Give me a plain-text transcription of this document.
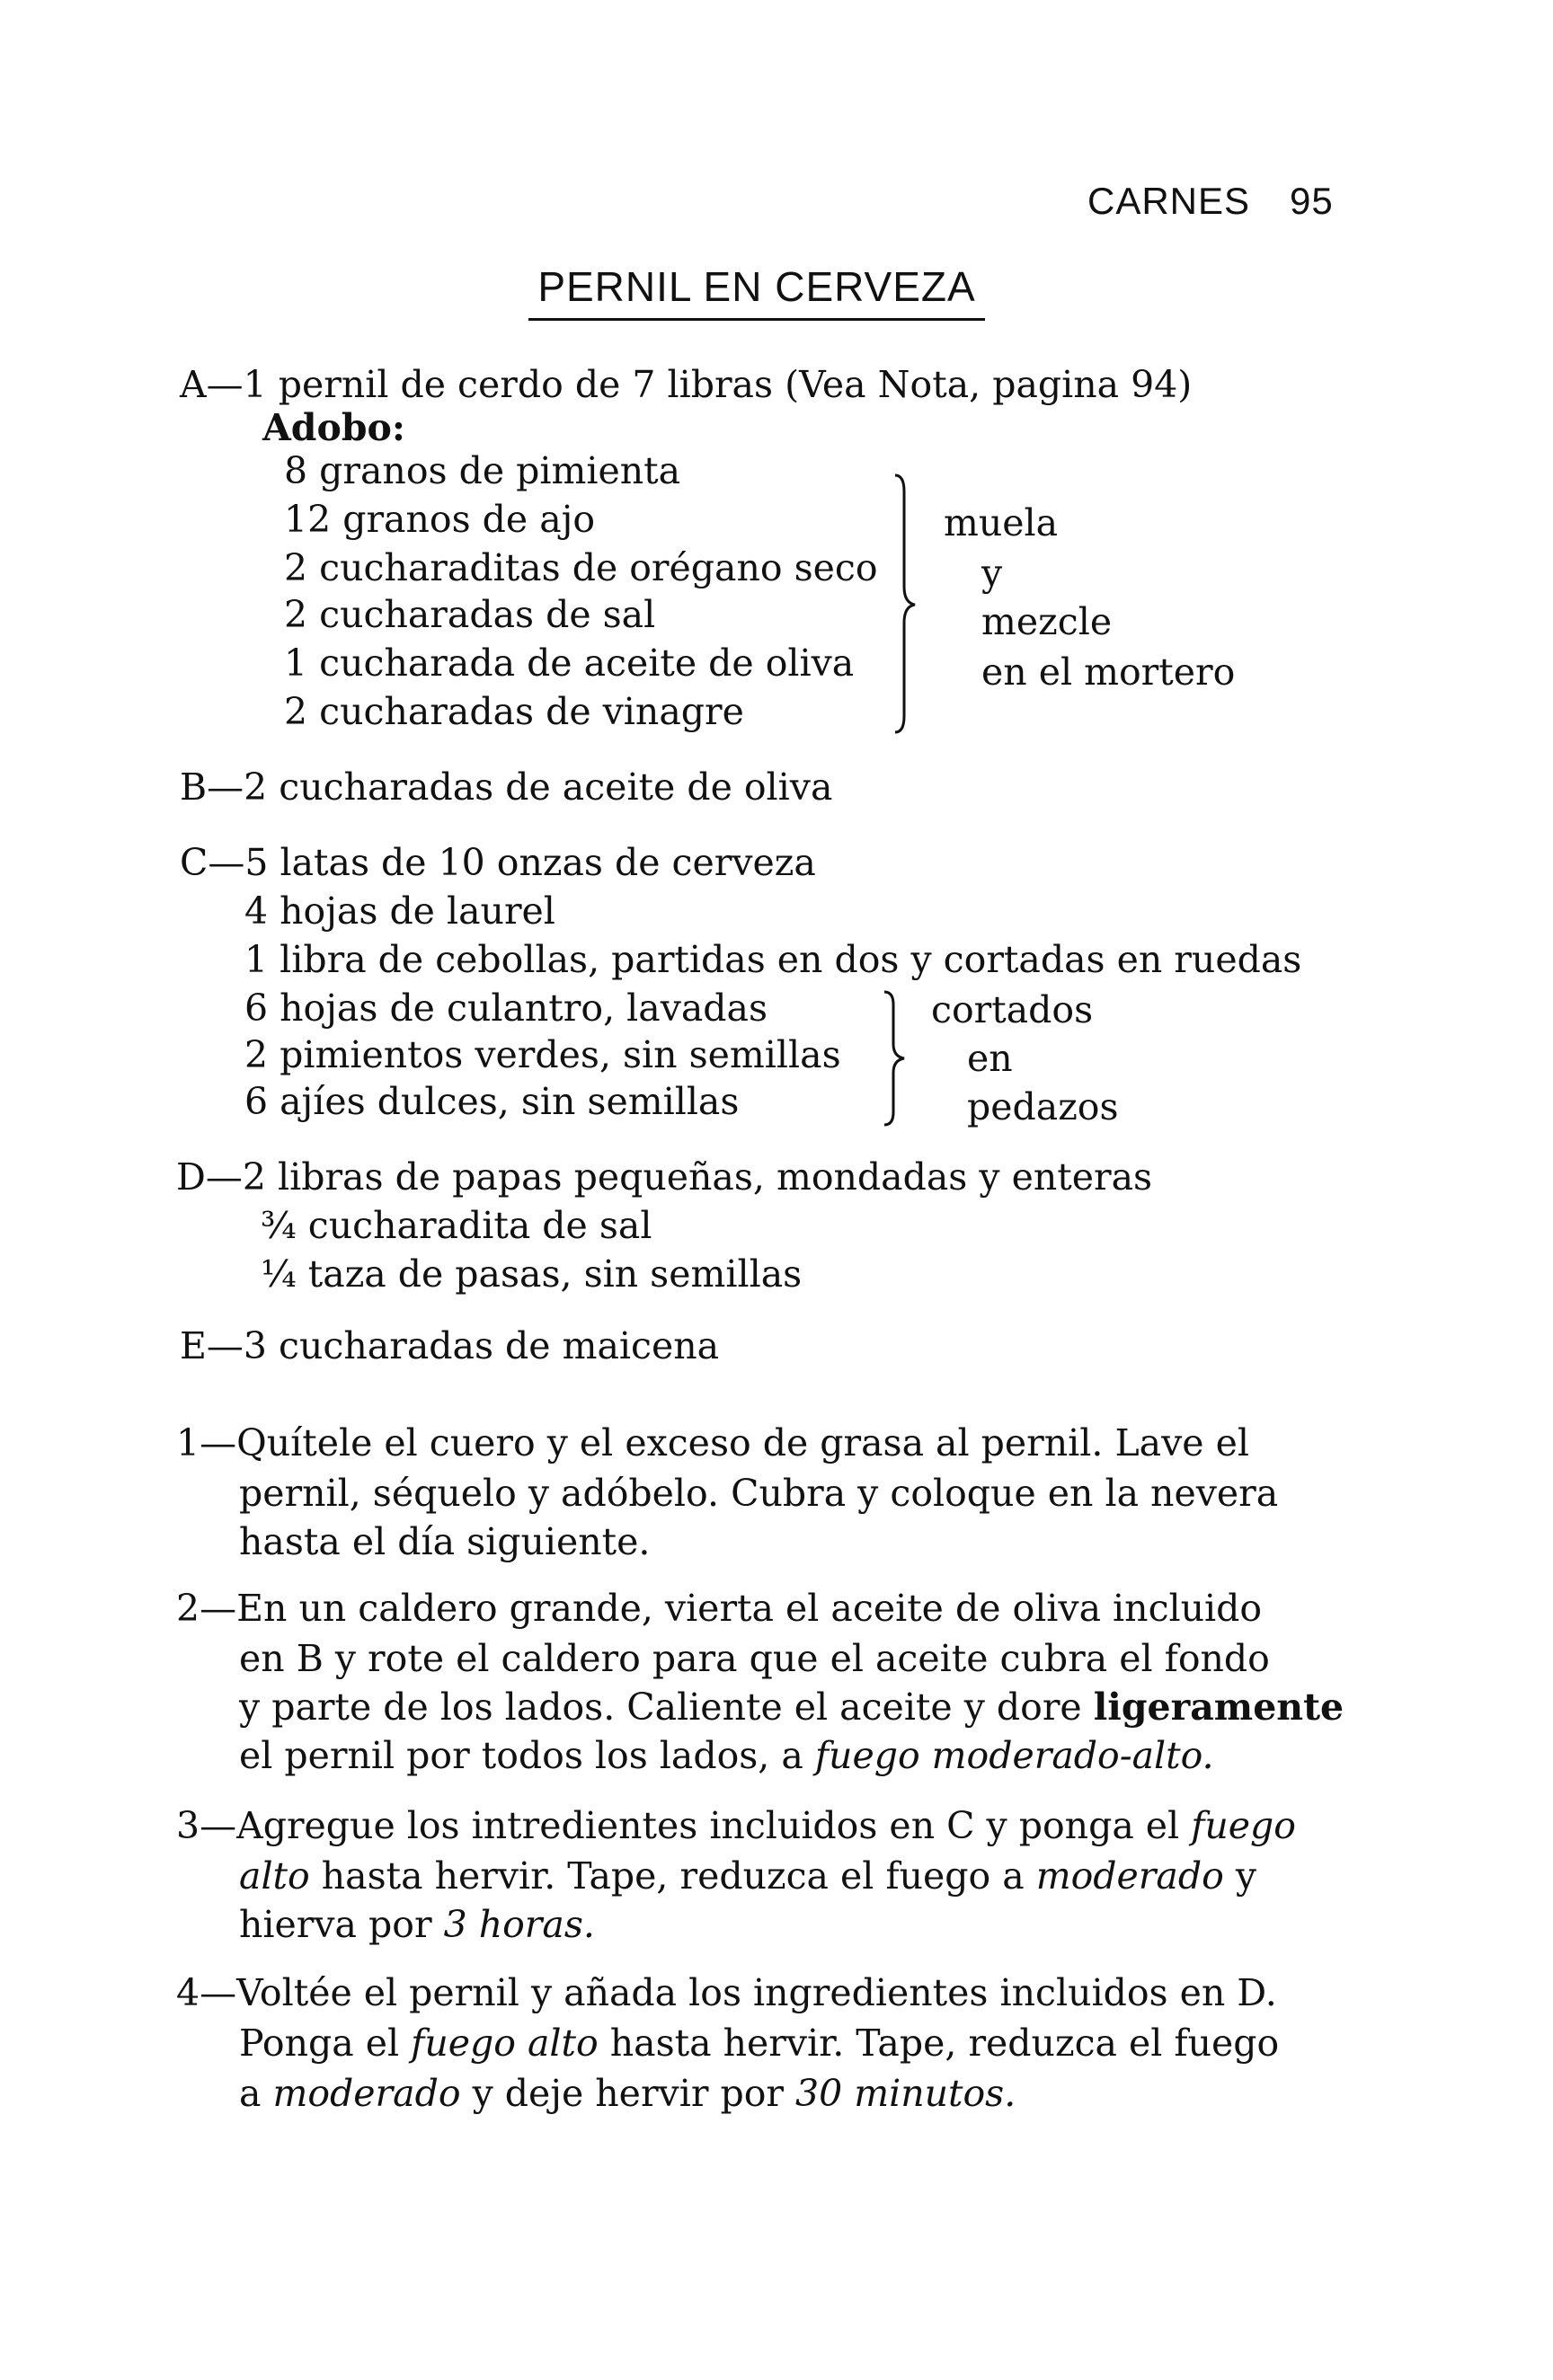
CARNES 95
PERNIL EN CERVEZA
A—1 pernil de cerdo de 7 libras (Vea Nota, pagina 94)
Adobo:
8 granos de pimienta
12 granos de ajo
2 cucharaditas de orégano seco
2 cucharadas de sal
1 cucharada de aceite de oliva
2 cucharadas de vinagre
muela
y
mezcle
en el mortero
B—2 cucharadas de aceite de oliva
C—5 latas de 10 onzas de cerveza
4 hojas de laurel
1 libra de cebollas, partidas en dos y cortadas en ruedas
6 hojas de culantro, lavadas
2 pimientos verdes, sin semillas
6 ajíes dulces, sin semillas
cortados
en
pedazos
D—2 libras de papas pequeñas, mondadas y enteras
¾ cucharadita de sal
¼ taza de pasas, sin semillas
E—3 cucharadas de maicena
1—Quítele el cuero y el exceso de grasa al pernil. Lave el
pernil, séquelo y adóbelo. Cubra y coloque en la nevera
hasta el día siguiente.
2—En un caldero grande, vierta el aceite de oliva incluido
en B y rote el caldero para que el aceite cubra el fondo
y parte de los lados. Caliente el aceite y dore ligeramente
el pernil por todos los lados, a fuego moderado-alto.
3—Agregue los intredientes incluidos en C y ponga el fuego
alto hasta hervir. Tape, reduzca el fuego a moderado y
hierva por 3 horas.
4—Voltée el pernil y añada los ingredientes incluidos en D.
Ponga el fuego alto hasta hervir. Tape, reduzca el fuego
a moderado y deje hervir por 30 minutos.
